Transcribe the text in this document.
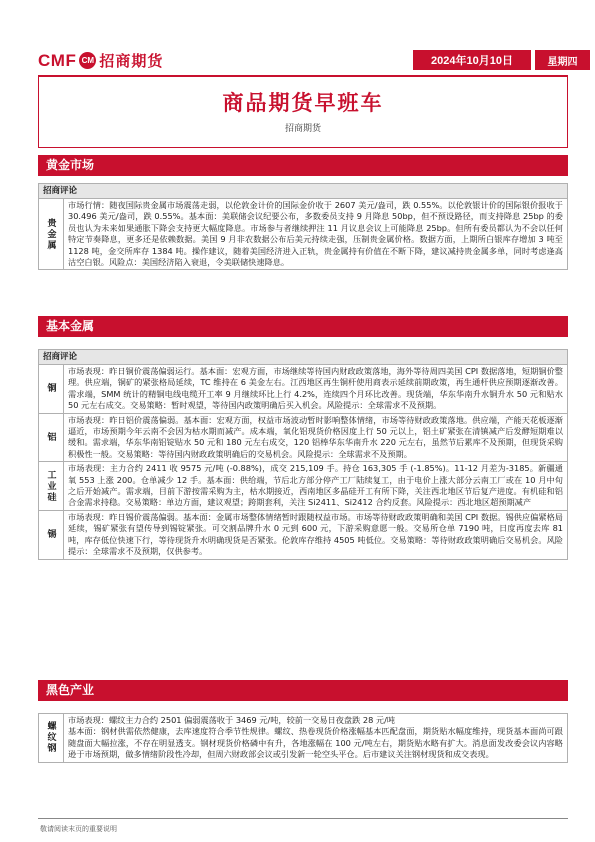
CMF CM 招商期货	2024年10月10日	星期四
商品期货早班车
招商期货
黄金市场
招商评论
贵金属
市场行情：随夜国际贵金属市场震荡走弱，以伦敦金计价的国际金价收于 2607 美元/盎司，跌 0.55%。以伦敦银计价的国际银价报收于 30.496 美元/盎司，跌 0.55%。基本面：美联储会议纪要公布，多数委员支持 9 月降息 50bp，但不预设路径，而支持降息 25bp 的委员也认为未来如果通胀下降会支持更大幅度降息。市场参与者继续押注 11 月议息会议上可能降息 25bp。但所有委员都认为不会以任何特定节奏降息，更多还是依赖数据。美国 9 月非农数据公布后美元持续走强，压制贵金属价格。数据方面，上期所白银库存增加 3 吨至 1128 吨，金交所库存 1384 吨。操作建议，随着美国经济进入正轨，贵金属持有价值在不断下降，建议减持贵金属多单，同时考虑逢高沽空白银。风险点：美国经济陷入衰退，令美联储快速降息。
基本金属
招商评论
铜
市场表现：昨日铜价震荡偏弱运行。基本面：宏观方面，市场继续等待国内财政政策落地，海外等待周四美国 CPI 数据落地，短期铜价整理。供应端，铜矿的紧张格局延续，TC 维持在 6 美金左右。江西地区再生铜杆使用商表示延续前期政策，再生通杆供应预期逐渐改善。需求端，SMM 统计的精铜电线电缆开工率 9 月继续环比上行 4.2%，连续四个月环比改善。现货端，华东华南升水铜升水 50 元和贴水 50 元左右成交。交易策略：暂时观望，等待国内政策明确后买入机会。风险提示：全球需求不及预期。
铝
市场表现：昨日铝价震荡偏弱。基本面：宏观方面，权益市场波动暂时影响整体情绪，市场等待财政政策落地。供应端，产能天花板逐渐逼近，市场预期今年云南不会因为枯水期而减产。成本端，氧化铝现货价格因度上行 50 元以上，铝土矿紧张在清镇减产后发酵短期难以缓和。需求端，华东华南铝锭贴水 50 元和 180 元左右成交，120 铝棒华东华南升水 220 元左右，虽然节后累库不及预期，但现货采购积极性一般。交易策略：等待国内财政政策明确后的交易机会。风险提示：全球需求不及预期。
工业硅
市场表现：主力合约 2411 收 9575 元/吨 (-0.88%)，成交 215,109 手。持仓 163,305 手 (-1.85%)。11-12 月差为-3185。新疆通氧 553 上涨 200。仓单减少 12 手。基本面：供给端，节后北方部分停产工厂陆续复工，由于电价上涨大部分云南工厂或在 10 月中旬之后开始减产。需求端，目前下游按需采购为主，枯水期接近，西南地区多晶硅开工有所下降，关注西北地区节后复产进度。有机硅和铝合金需求持稳。交易策略：单边方面，建议观望；跨期套利，关注 Si2411、Si2412 合约反套。风险提示：西北地区超预期减产
锡
市场表现：昨日锡价震荡偏弱。基本面：金属市场整体情绪暂时跟随权益市场。市场等待财政政策明确和美国 CPI 数据。锡供应偏紧格局延续，锡矿紧张有望传导到锡锭紧张。可交割品牌升水 0 元到 600 元，下游采购意愿一般。交易所仓单 7190 吨，日度再度去库 81 吨，库存低位快速下行，等待现货升水明确现货是否紧张。伦敦库存维持 4505 吨低位。交易策略：等待财政政策明确后交易机会。风险提示：全球需求不及预期，仅供参考。
黑色产业
螺纹钢
市场表现：螺纹主力合约 2501 偏弱震荡收于 3469 元/吨，较前一交易日夜盘跌 28 元/吨
基本面：钢材供需依然健康，去库速度符合季节性规律。螺纹、热卷现货价格涨幅基本匹配盘面，期货贴水幅度维持，现货基本面尚可跟随盘面大幅拉涨，不存在明显透支。钢材现货价格磷中有升，各地涨幅在 100 元/吨左右，期货贴水略有扩大。消息面发改委会议内容略逊于市场预期，做多情绪阶段性冷却，但周六财政部会议或引发新一轮空头平仓。后市建议关注钢材现货和成交表现。
敬请阅读末页的重要说明
